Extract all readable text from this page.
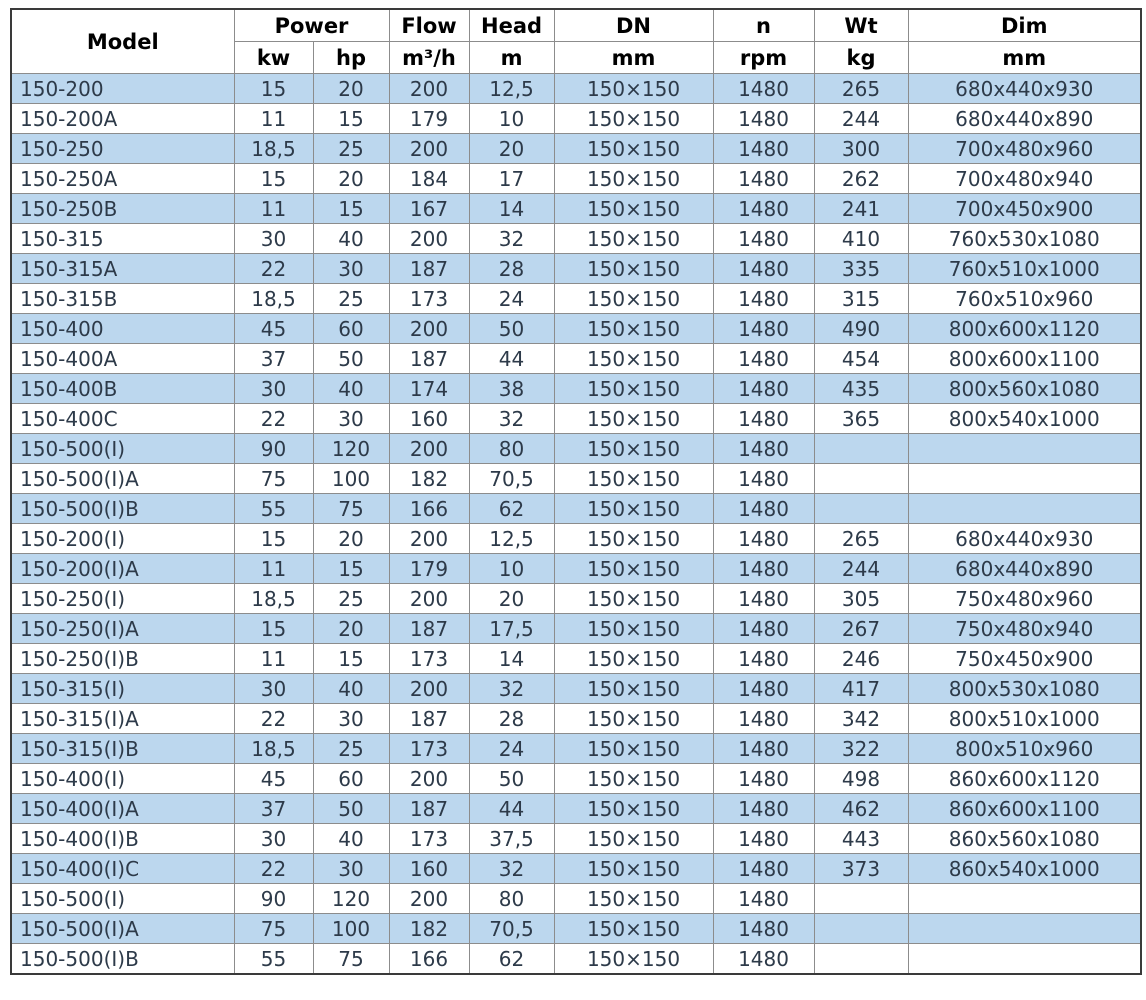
Model	Power		Flow	Head	DN	n	Wt	Dim
	kw	hp	m³/h	m	mm	rpm	kg	mm
150-200	15	20	200	12,5	150×150	1480	265	680x440x930
150-200A	11	15	179	10	150×150	1480	244	680x440x890
150-250	18,5	25	200	20	150×150	1480	300	700x480x960
150-250A	15	20	184	17	150×150	1480	262	700x480x940
150-250B	11	15	167	14	150×150	1480	241	700x450x900
150-315	30	40	200	32	150×150	1480	410	760x530x1080
150-315A	22	30	187	28	150×150	1480	335	760x510x1000
150-315B	18,5	25	173	24	150×150	1480	315	760x510x960
150-400	45	60	200	50	150×150	1480	490	800x600x1120
150-400A	37	50	187	44	150×150	1480	454	800x600x1100
150-400B	30	40	174	38	150×150	1480	435	800x560x1080
150-400C	22	30	160	32	150×150	1480	365	800x540x1000
150-500(I)	90	120	200	80	150×150	1480		
150-500(I)A	75	100	182	70,5	150×150	1480		
150-500(I)B	55	75	166	62	150×150	1480		
150-200(I)	15	20	200	12,5	150×150	1480	265	680x440x930
150-200(I)A	11	15	179	10	150×150	1480	244	680x440x890
150-250(I)	18,5	25	200	20	150×150	1480	305	750x480x960
150-250(I)A	15	20	187	17,5	150×150	1480	267	750x480x940
150-250(I)B	11	15	173	14	150×150	1480	246	750x450x900
150-315(I)	30	40	200	32	150×150	1480	417	800x530x1080
150-315(I)A	22	30	187	28	150×150	1480	342	800x510x1000
150-315(I)B	18,5	25	173	24	150×150	1480	322	800x510x960
150-400(I)	45	60	200	50	150×150	1480	498	860x600x1120
150-400(I)A	37	50	187	44	150×150	1480	462	860x600x1100
150-400(I)B	30	40	173	37,5	150×150	1480	443	860x560x1080
150-400(I)C	22	30	160	32	150×150	1480	373	860x540x1000
150-500(I)	90	120	200	80	150×150	1480		
150-500(I)A	75	100	182	70,5	150×150	1480		
150-500(I)B	55	75	166	62	150×150	1480		
